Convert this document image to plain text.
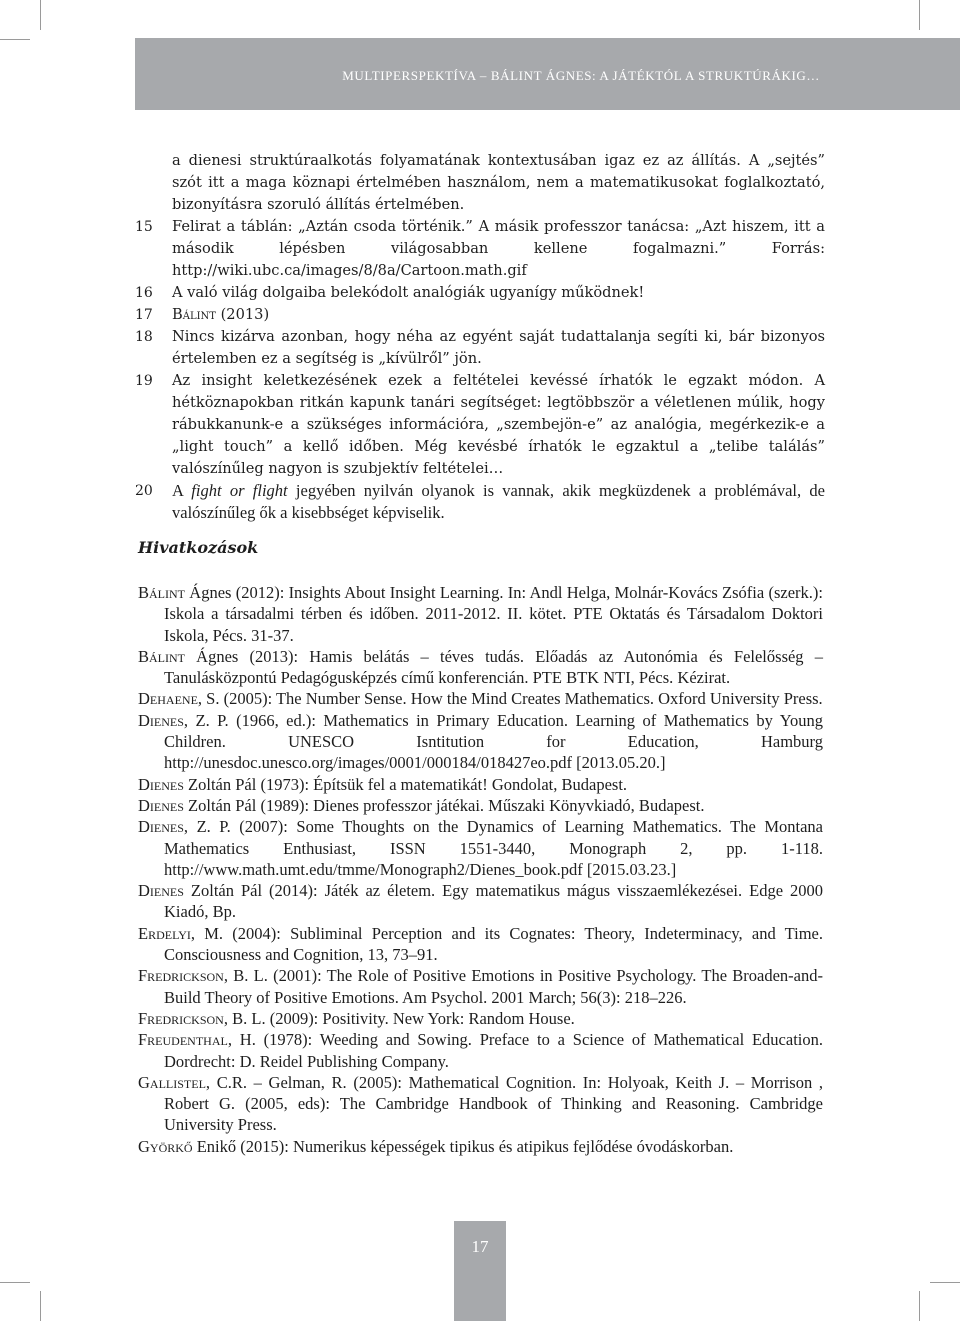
MULTIPERSPEKTÍVA – BÁLINT ÁGNES: A JÁTÉKTÓL A STRUKTÚRÁKIG…
a dienesi struktúraalkotás folyamatának kontextusában igaz ez az állítás. A „sejtés” szót itt a maga köznapi értelmében használom, nem a matematikusokat foglalkoztató, bizonyításra szoruló állítás értelmében.
15	Felirat a táblán: „Aztán csoda történik.” A másik professzor tanácsa: „Azt hiszem, itt a második lépésben világosabban kellene fogalmazni.” Forrás: http://wiki.ubc.ca/images/8/8a/Cartoon.math.gif
16	A való világ dolgaiba belekódolt analógiák ugyanígy működnek!
17	Bálint (2013)
18	Nincs kizárva azonban, hogy néha az egyént saját tudattalanja segíti ki, bár bizonyos értelemben ez a segítség is „kívülről” jön.
19	Az insight keletkezésének ezek a feltételei kevéssé írhatók le egzakt módon. A hétköznapokban ritkán kapunk tanári segítséget: legtöbbször a véletlenen múlik, hogy rábukkanunk-e a szükséges információra, „szembejön-e” az analógia, megérkezik-e a „light touch” a kellő időben. Még kevésbé írhatók le egzaktul a „telibe találás” valószínűleg nagyon is szubjektív feltételei…
20	A fight or flight jegyében nyilván olyanok is vannak, akik megküzdenek a problémával, de valószínűleg ők a kisebbséget képviselik.
Hivatkozások

Bálint Ágnes (2012): Insights About Insight Learning. In: Andl Helga, Molnár-Kovács Zsófia (szerk.): Iskola a társadalmi térben és időben. 2011-2012. II. kötet. PTE Oktatás és Társadalom Doktori Iskola, Pécs. 31-37.

Bálint Ágnes (2013): Hamis belátás – téves tudás. Előadás az Autonómia és Felelősség – Tanulásközpontú Pedagógusképzés című konferencián. PTE BTK NTI, Pécs. Kézirat.

Dehaene, S. (2005): The Number Sense. How the Mind Creates Mathematics. Oxford University Press.

Dienes, Z. P. (1966, ed.): Mathematics in Primary Education. Learning of Mathematics by Young Children. UNESCO Isntitution for Education, Hamburg http://unesdoc.unesco.org/images/0001/000184/018427eo.pdf [2013.05.20.]

Dienes Zoltán Pál (1973): Építsük fel a matematikát! Gondolat, Budapest.

Dienes Zoltán Pál (1989): Dienes professzor játékai. Műszaki Könyvkiadó, Budapest.

Dienes, Z. P. (2007): Some Thoughts on the Dynamics of Learning Mathematics. The Montana Mathematics Enthusiast, ISSN 1551-3440, Monograph 2, pp. 1-118. http://www.math.umt.edu/tmme/Monograph2/Dienes_book.pdf [2015.03.23.]

Dienes Zoltán Pál (2014): Játék az életem. Egy matematikus mágus visszaemlékezései. Edge 2000 Kiadó, Bp.

Erdelyi, M. (2004): Subliminal Perception and its Cognates: Theory, Indeterminacy, and Time. Consciousness and Cognition, 13, 73–91.

Fredrickson, B. L. (2001): The Role of Positive Emotions in Positive Psychology. The Broaden-and-Build Theory of Positive Emotions. Am Psychol. 2001 March; 56(3): 218–226.

Fredrickson, B. L. (2009): Positivity. New York: Random House.

Freudenthal, H. (1978): Weeding and Sowing. Preface to a Science of Mathematical Education. Dordrecht: D. Reidel Publishing Company.

Gallistel, C.R. – Gelman, R. (2005): Mathematical Cognition. In: Holyoak, Keith J. – Morrison , Robert G. (2005, eds): The Cambridge Handbook of Thinking and Reasoning. Cambridge University Press.

Györkő Enikő (2015): Numerikus képességek tipikus és atipikus fejlődése óvodáskorban.

17
